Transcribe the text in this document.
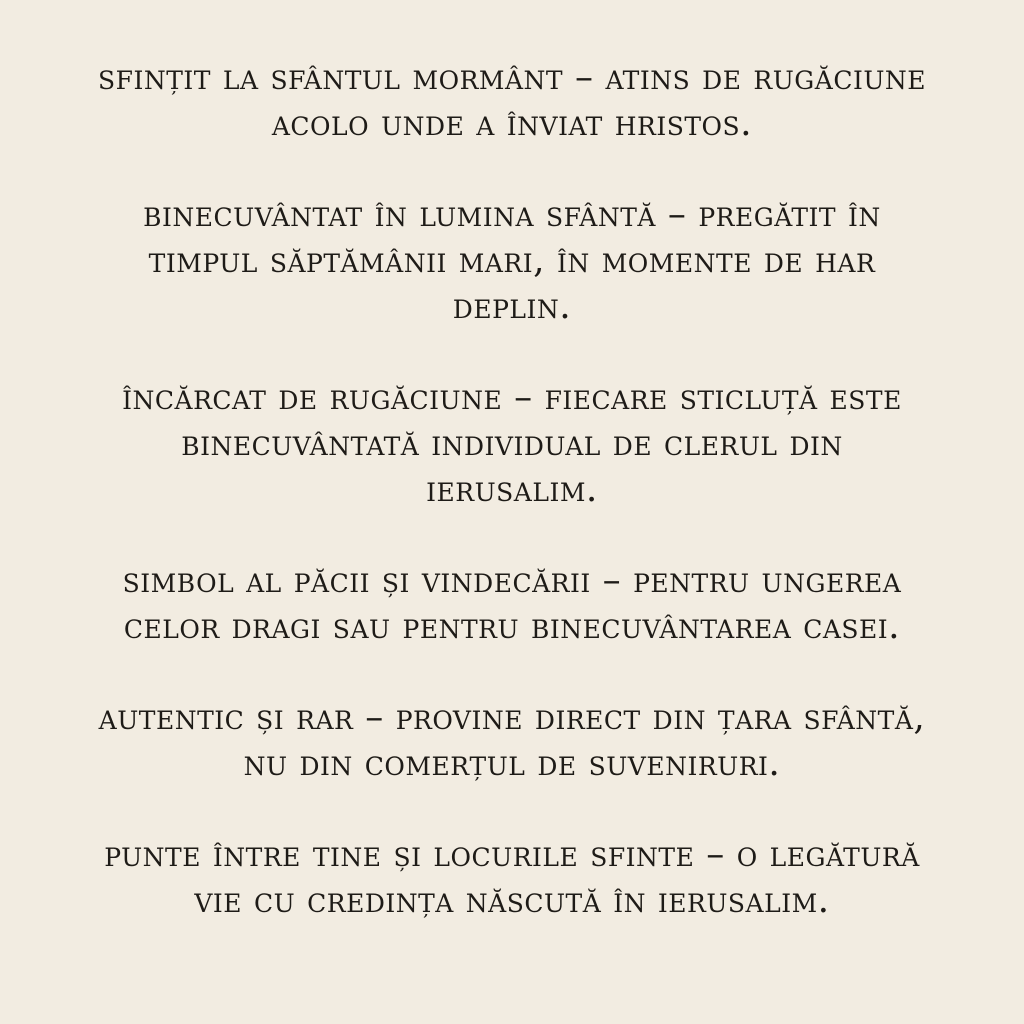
sfințit la sfântul mormânt – atins de rugăciune
acolo unde a înviat hristos.

binecuvântat în lumina sfântă – pregătit în
timpul săptămânii mari, în momente de har
deplin.

încărcat de rugăciune – fiecare sticluță este
binecuvântată individual de clerul din
ierusalim.

simbol al păcii și vindecării – pentru ungerea
celor dragi sau pentru binecuvântarea casei.

autentic și rar – provine direct din țara sfântă,
nu din comerțul de suveniruri.

punte între tine și locurile sfinte – o legătură
vie cu credința născută în ierusalim.
